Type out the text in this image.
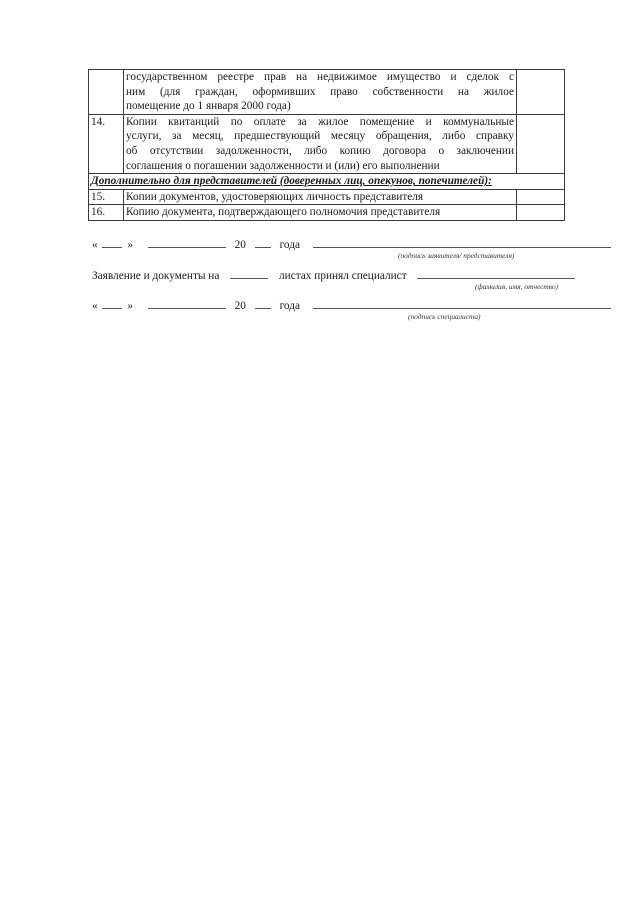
	государственном реестре прав на недвижимое имущество и сделок с
ним (для граждан, оформивших право собственности на жилое
помещение до 1 января 2000 года)	

14.	Копии квитанций по оплате за жилое помещение и коммунальные
услуги, за месяц, предшествующий месяцу обращения, либо справку
об отсутствии задолженности, либо копию договора о заключении
соглашения о погашении задолженности и (или) его выполнении	

Дополнительно для представителей (доверенных лиц, опекунов, попечителей):		
15.	Копии документов, удостоверяющих личность представителя	
16.	Копию документа, подтверждающего полномочия представителя	
«	»	20	года
(подпись заявителя/ представителя)
Заявление и документы на	листах принял специалист
(фамилия, имя, отчество)
«	»	20	года
(подпись специалиста)
